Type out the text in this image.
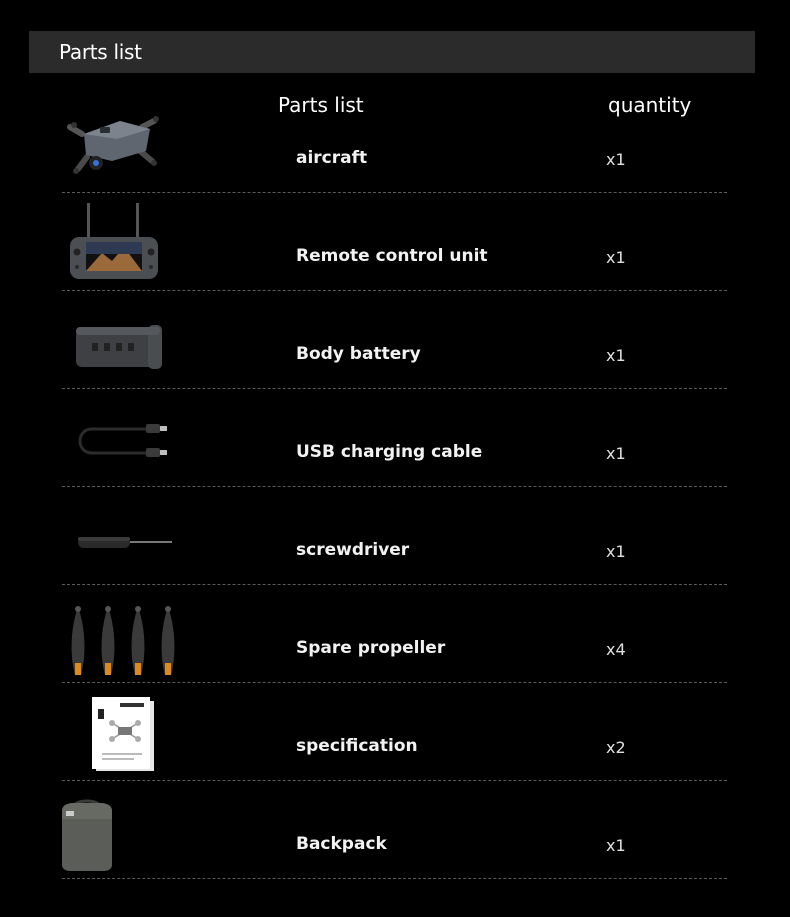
Parts list
Parts list	quantity
aircraft	x1
Remote control unit	x1
Body battery	x1
USB charging cable	x1
screwdriver	x1
Spare propeller	x4
specification	x2
Backpack	x1
